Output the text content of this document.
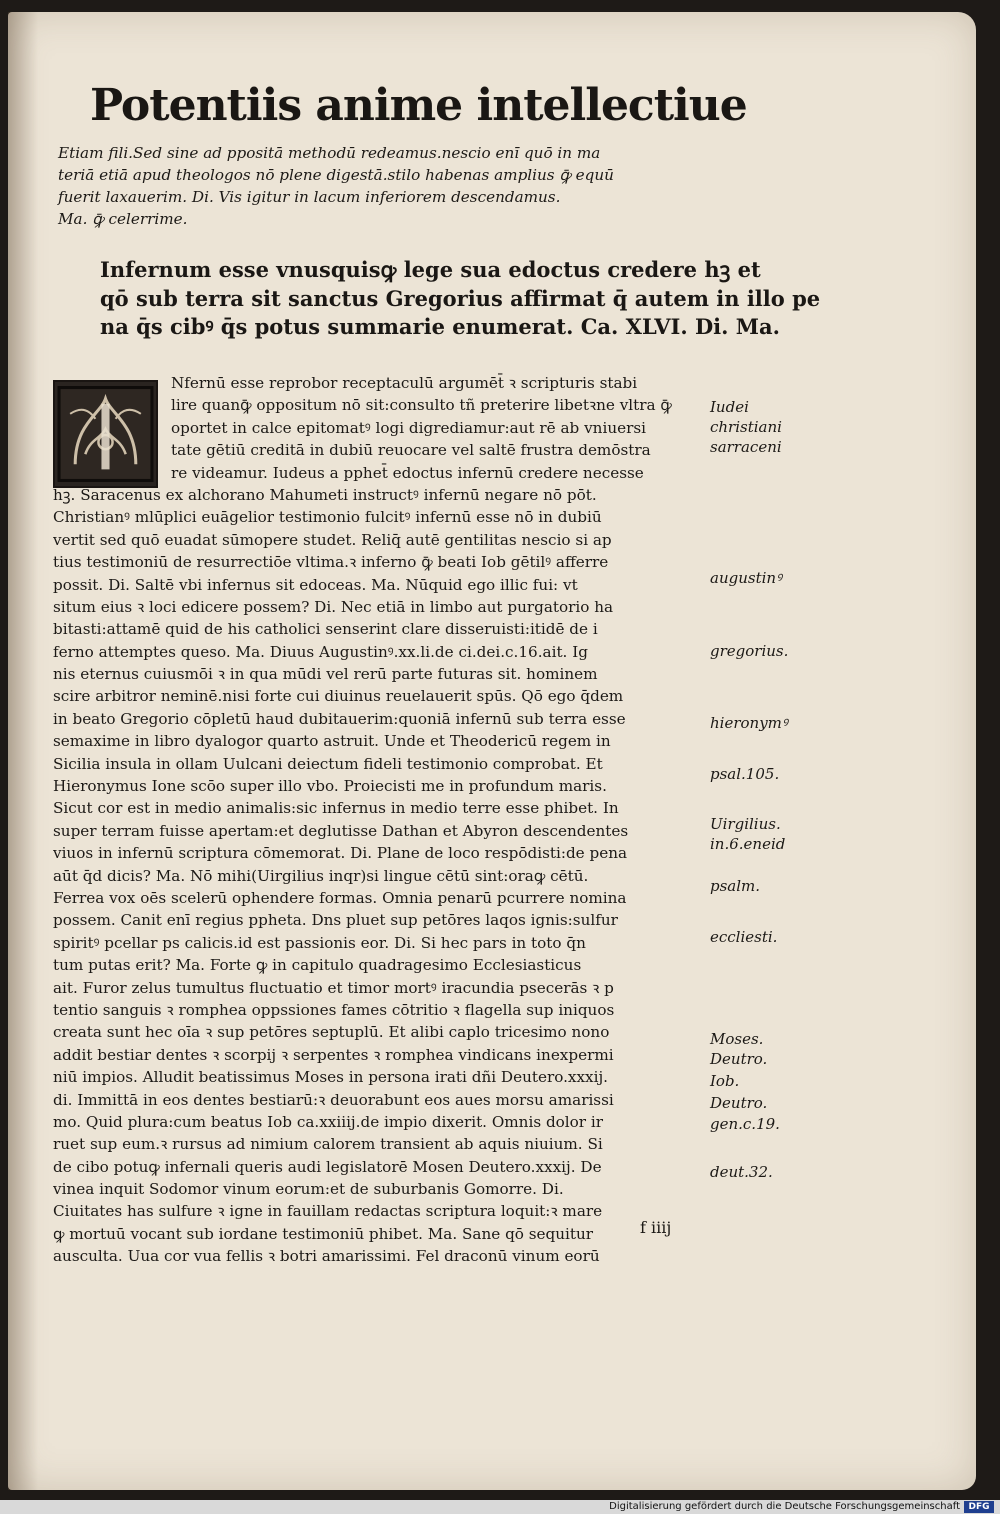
Potentiis anime intellectiue
Etiam fili.Sed sine ad ppositā methodū redeamus.nescio enī quō in ma
teriā etiā apud theologos nō plene digestā.stilo habenas amplius ꝙ̄ equū
fuerit laxauerim. Di. Vis igitur in lacum inferiorem descendamus.
Ma. ꝙ̄ celerrime.
Infernum esse vnusquisꝙ lege sua edoctus credere hꝫ et
qō sub terra sit sanctus Gregorius affirmat q̄ autem in illo pe
na q̄s cibꝰ q̄s potus summarie enumerat. Ca. XLVI. Di. Ma.
Nfernū esse reprobor receptaculū argumēt̄ ꝛ scripturis stabi
lire quanꝙ̄ oppositum nō sit:consulto tñ preterire libetꝛne vltra ꝙ̄
oportet in calce epitomatꝰ logi digrediamur:aut rē ab vniuersi
tate gētiū creditā in dubiū reuocare vel saltē frustra demōstra
re videamur. Iudeus a pphet̄ edoctus infernū credere necesse
hꝫ. Saracenus ex alchorano Mahumeti instructꝰ infernū negare nō pōt.
Christianꝰ mlūplici euāgelior testimonio fulcitꝰ infernū esse nō in dubiū
vertit sed quō euadat sūmopere studet. Reliq̄ autē gentilitas nescio si ap
tius testimoniū de resurrectiōe vltima.ꝛ inferno ꝙ̄ beati Iob gētilꝰ afferre
possit. Di. Saltē vbi infernus sit edoceas. Ma. Nūquid ego illic fui: vt
situm eius ꝛ loci edicere possem? Di. Nec etiā in limbo aut purgatorio ha
bitasti:attamē quid de his catholici senserint clare disseruisti:itidē de i
ferno attemptes queso. Ma. Diuus Augustinꝰ.xx.li.de ci.dei.c.16.ait. Ig
nis eternus cuiusmōi ꝛ in qua mūdi vel rerū parte futuras sit. hominem
scire arbitror neminē.nisi forte cui diuinus reuelauerit spūs. Qō ego q̄dem
in beato Gregorio cōpletū haud dubitauerim:quoniā infernū sub terra esse
semaxime in libro dyalogor quarto astruit. Unde et Theodericū regem in
Sicilia insula in ollam Uulcani deiectum fideli testimonio comprobat. Et
Hieronymus Ione scōo super illo vbo. Proiecisti me in profundum maris.
Sicut cor est in medio animalis:sic infernus in medio terre esse phibet. In
super terram fuisse apertam:et deglutisse Dathan et Abyron descendentes
viuos in infernū scriptura cōmemorat. Di. Plane de loco respōdisti:de pena
aūt q̄d dicis? Ma. Nō mihi(Uirgilius inqr)si lingue cētū sint:oraꝙ cētū.
Ferrea vox oēs scelerū ophendere formas. Omnia penarū pcurrere nomina
possem. Canit enī regius ppheta. Dns pluet sup petōres laqos ignis:sulfur
spiritꝰ pcellar ps calicis.id est passionis eor. Di. Si hec pars in toto q̄n
tum putas erit? Ma. Forte ꝙ in capitulo quadragesimo Ecclesiasticus
ait. Furor zelus tumultus fluctuatio et timor mortꝰ iracundia psecerās ꝛ p
tentio sanguis ꝛ romphea oppssiones fames cōtritio ꝛ flagella sup iniquos
creata sunt hec oīa ꝛ sup petōres septuplū. Et alibi caplo tricesimo nono
addit bestiar dentes ꝛ scorpij ꝛ serpentes ꝛ romphea vindicans inexpermi
niū impios. Alludit beatissimus Moses in persona irati dñi Deutero.xxxij.
di. Immittā in eos dentes bestiarū:ꝛ deuorabunt eos aues morsu amarissi
mo. Quid plura:cum beatus Iob ca.xxiiij.de impio dixerit. Omnis dolor ir
ruet sup eum.ꝛ rursus ad nimium calorem transient ab aquis niuium. Si
de cibo potuꝙ infernali queris audi legislatorē Mosen Deutero.xxxij. De
vinea inquit Sodomor vinum eorum:et de suburbanis Gomorre. Di.
Ciuitates has sulfure ꝛ igne in fauillam redactas scriptura loquit:ꝛ mare
ꝙ mortuū vocant sub iordane testimoniū phibet. Ma. Sane qō sequitur
ausculta. Uua cor vua fellis ꝛ botri amarissimi. Fel draconū vinum eorū
Iudei
christiani
sarraceni
augustinꝰ
gregorius.
hieronymꝰ
psal.105.
Uirgilius.
in.6.eneid
psalm.
eccliesti.
Moses.
Deutro.
Iob.
Deutro.
gen.c.19.
deut.32.
f iiij
Digitalisierung gefördert durch die Deutsche Forschungsgemeinschaft DFG
